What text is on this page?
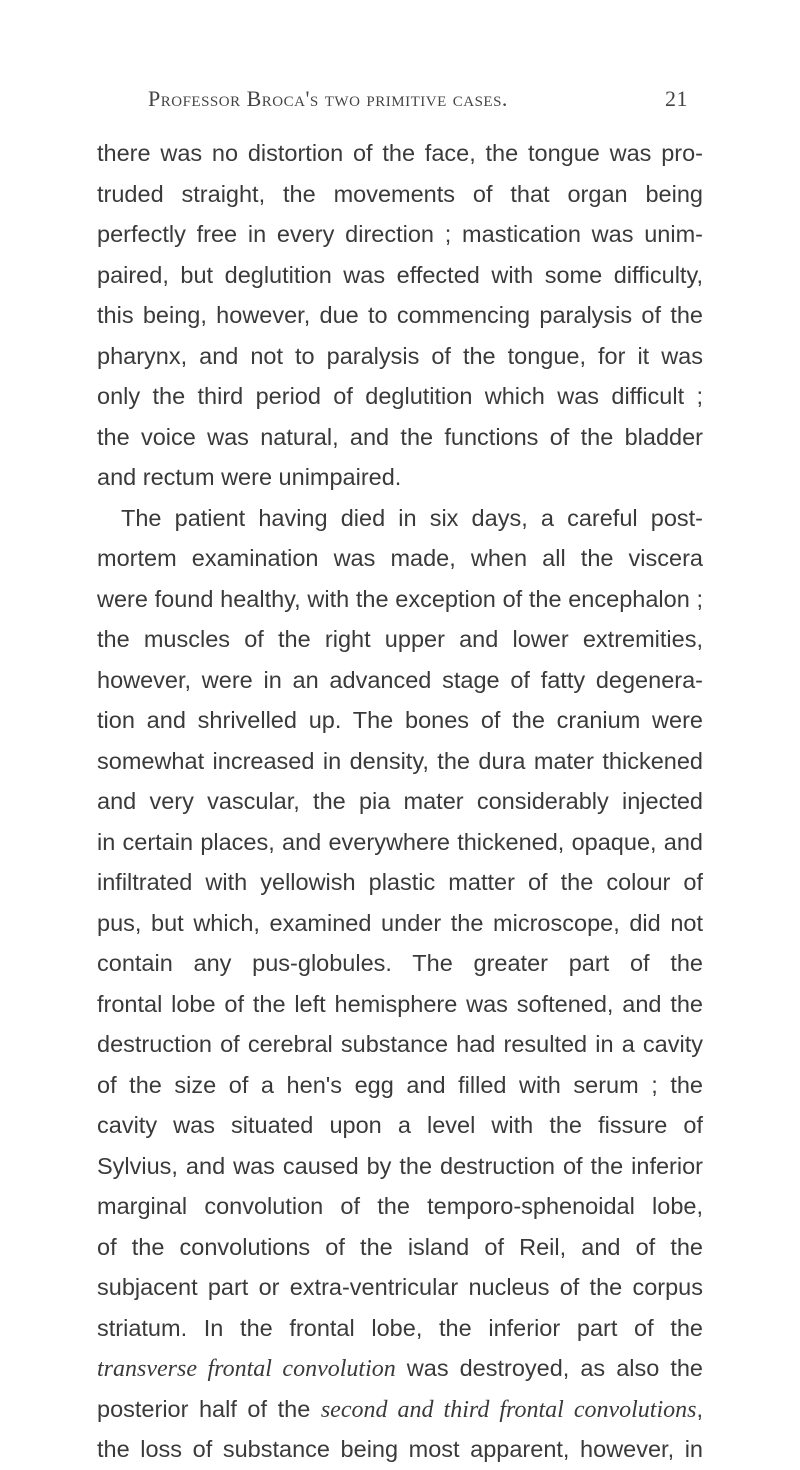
Professor Broca's two primitive cases.	21
there was no distortion of the face, the tongue was pro-
truded straight, the movements of that organ being
perfectly free in every direction ; mastication was unim-
paired, but deglutition was effected with some difficulty,
this being, however, due to commencing paralysis of the
pharynx, and not to paralysis of the tongue, for it was
only the third period of deglutition which was difficult ;
the voice was natural, and the functions of the bladder
and rectum were unimpaired.
The patient having died in six days, a careful post-
mortem examination was made, when all the viscera
were found healthy, with the exception of the encephalon ;
the muscles of the right upper and lower extremities,
however, were in an advanced stage of fatty degenera-
tion and shrivelled up. The bones of the cranium were
somewhat increased in density, the dura mater thickened
and very vascular, the pia mater considerably injected
in certain places, and everywhere thickened, opaque, and
infiltrated with yellowish plastic matter of the colour of
pus, but which, examined under the microscope, did not
contain any pus-globules. The greater part of the
frontal lobe of the left hemisphere was softened, and the
destruction of cerebral substance had resulted in a cavity
of the size of a hen's egg and filled with serum ; the
cavity was situated upon a level with the fissure of
Sylvius, and was caused by the destruction of the inferior
marginal convolution of the temporo-sphenoidal lobe,
of the convolutions of the island of Reil, and of the
subjacent part or extra-ventricular nucleus of the corpus
striatum. In the frontal lobe, the inferior part of the
transverse frontal convolution was destroyed, as also the
posterior half of the second and third frontal convolutions,
the loss of substance being most apparent, however, in
